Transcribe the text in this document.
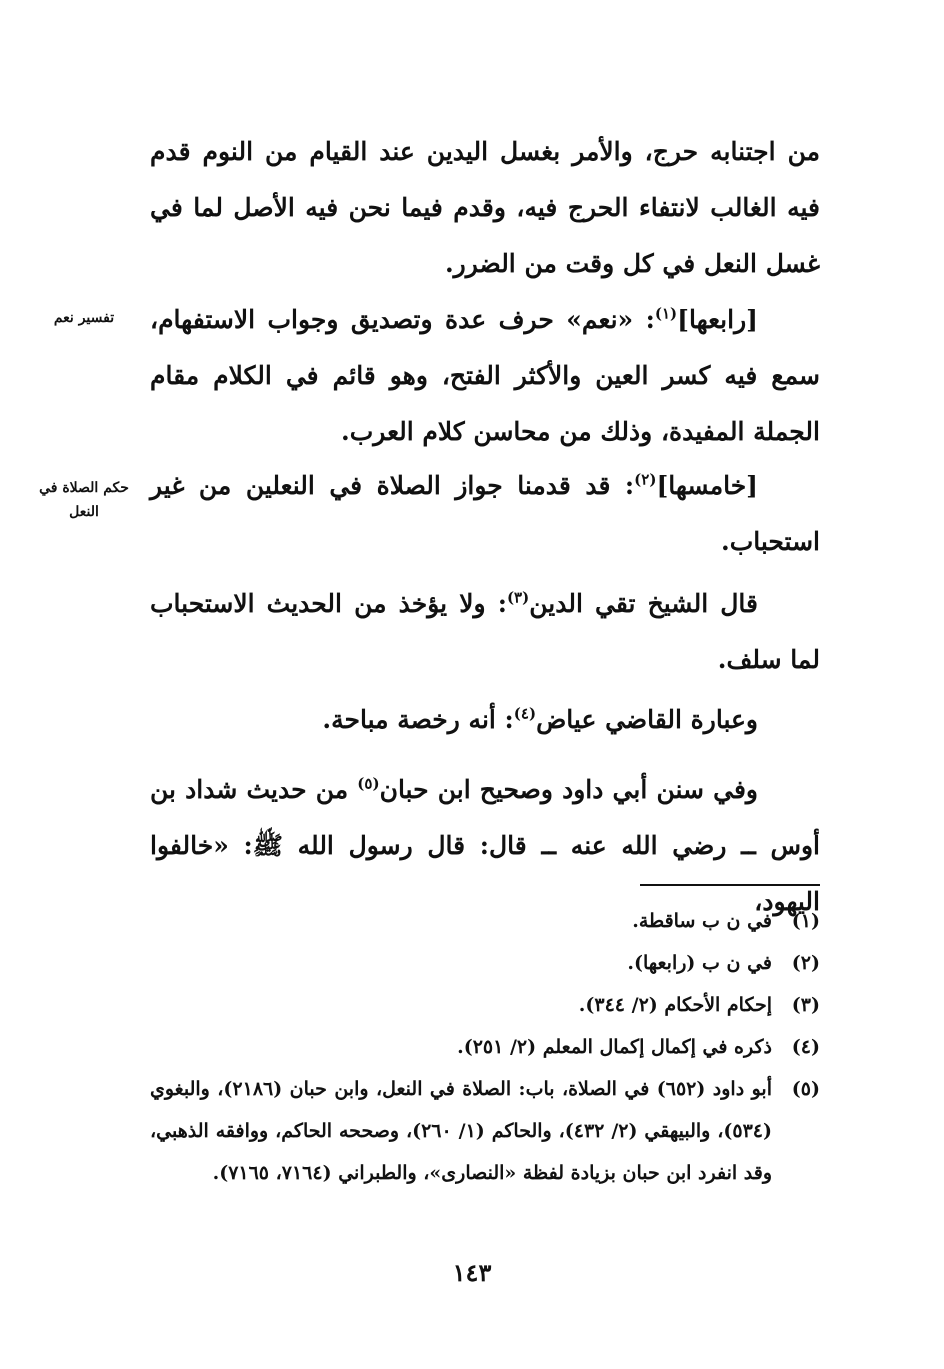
من اجتنابه حرج، والأمر بغسل اليدين عند القيام من النوم قدم فيه الغالب لانتفاء الحرج فيه، وقدم فيما نحن فيه الأصل لما في غسل النعل في كل وقت من الضرر.
[رابعها]$^{(١)}$: «نعم» حرف عدة وتصديق وجواب الاستفهام، سمع فيه كسر العين والأكثر الفتح، وهو قائم في الكلام مقام الجملة المفيدة، وذلك من محاسن كلام العرب.
تفسير نعم
[خامسها]$^{(٢)}$: قد قدمنا جواز الصلاة في النعلين من غير استحباب.
حكم الصلاة في النعل
قال الشيخ تقي الدين$^{(٣)}$: ولا يؤخذ من الحديث الاستحباب لما سلف.
وعبارة القاضي عياض$^{(٤)}$: أنه رخصة مباحة.
وفي سنن أبي داود وصحيح ابن حبان$^{(٥)}$ من حديث شداد بن أوس ــ رضي الله عنه ــ قال: قال رسول الله ﷺ: «خالفوا اليهود،
(١)
في ن ب ساقطة.
(٢)
في ن ب (رابعها).
(٣)
إحكام الأحكام (٢/ ٣٤٤).
(٤)
ذكره في إكمال إكمال المعلم (٢/ ٢٥١).
(٥)
أبو داود (٦٥٢) في الصلاة، باب: الصلاة في النعل، وابن حبان (٢١٨٦)، والبغوي (٥٣٤)، والبيهقي (٢/ ٤٣٢)، والحاكم (١/ ٢٦٠)، وصححه الحاكم، ووافقه الذهبي، وقد انفرد ابن حبان بزيادة لفظة «النصارى»، والطبراني (٧١٦٤، ٧١٦٥).
١٤٣
